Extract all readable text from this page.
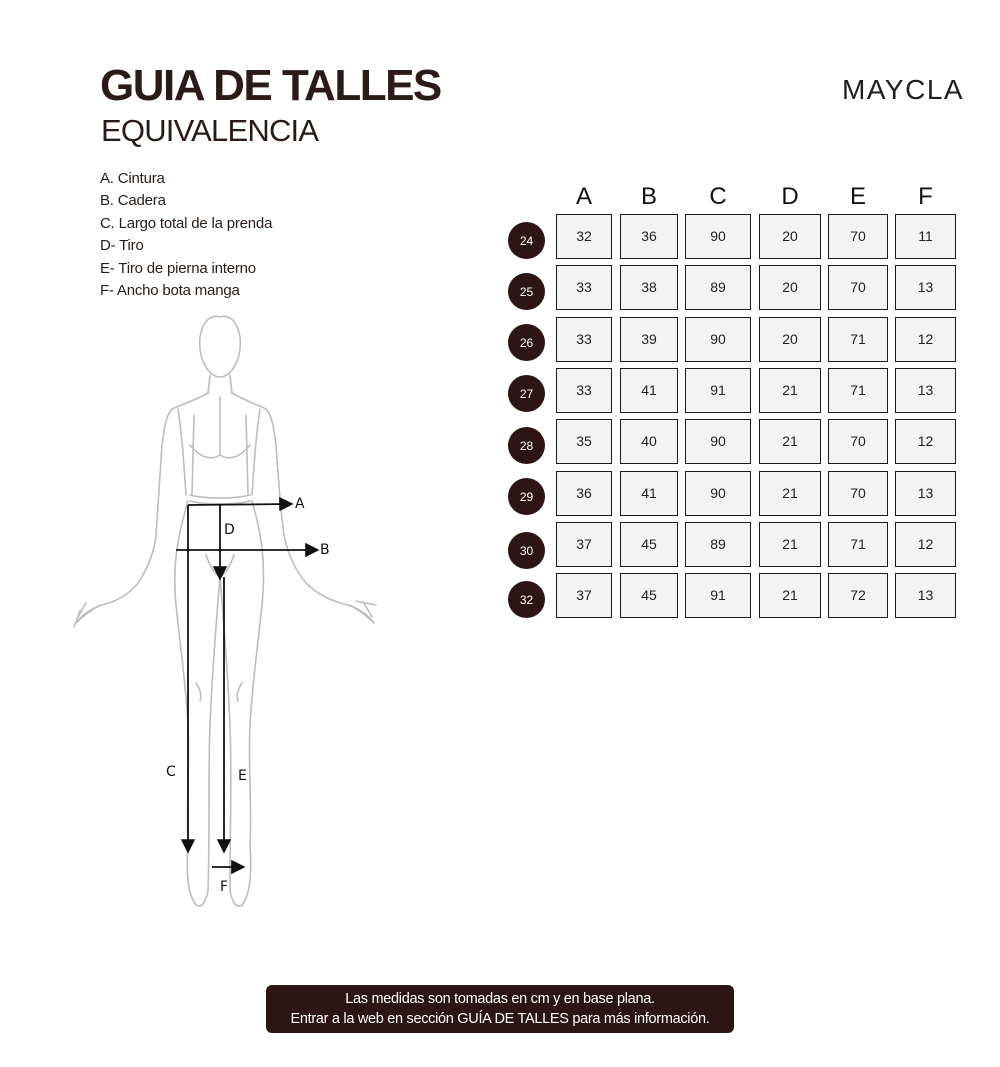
GUIA DE TALLES
EQUIVALENCIA
MAYCLA
A. Cintura
B. Cadera
C. Largo total de la prenda
D- Tiro
E- Tiro de pierna interno
F- Ancho bota manga
A
B
C
D
E
F
A	B	C	D	E	F
24	32	36	90	20	70	11
25	33	38	89	20	70	13
26	33	39	90	20	71	12
27	33	41	91	21	71	13
28	35	40	90	21	70	12
29	36	41	90	21	70	13
30	37	45	89	21	71	12
32	37	45	91	21	72	13
Las medidas son tomadas en cm y en base plana.
Entrar a la web en sección GUÍA DE TALLES para más información.
